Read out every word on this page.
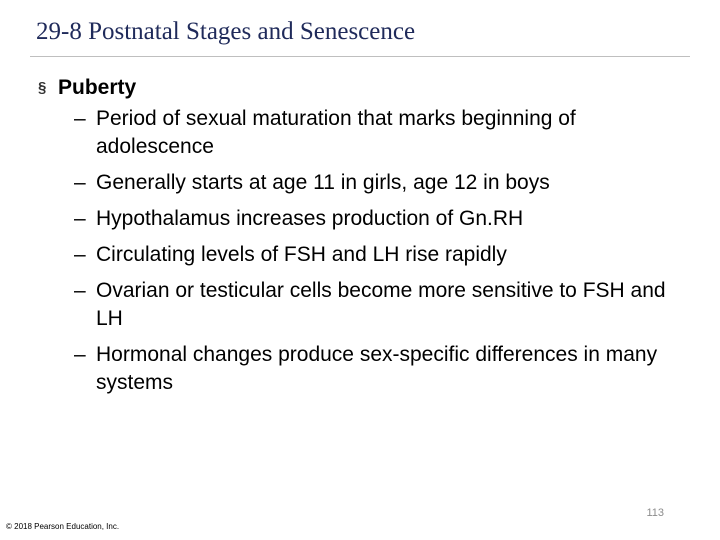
29-8 Postnatal Stages and Senescence
§ Puberty
– Period of sexual maturation that marks beginning of adolescence
– Generally starts at age 11 in girls, age 12 in boys
– Hypothalamus increases production of Gn.RH
– Circulating levels of FSH and LH rise rapidly
– Ovarian or testicular cells become more sensitive to FSH and LH
– Hormonal changes produce sex-specific differences in many systems
113
© 2018 Pearson Education, Inc.
